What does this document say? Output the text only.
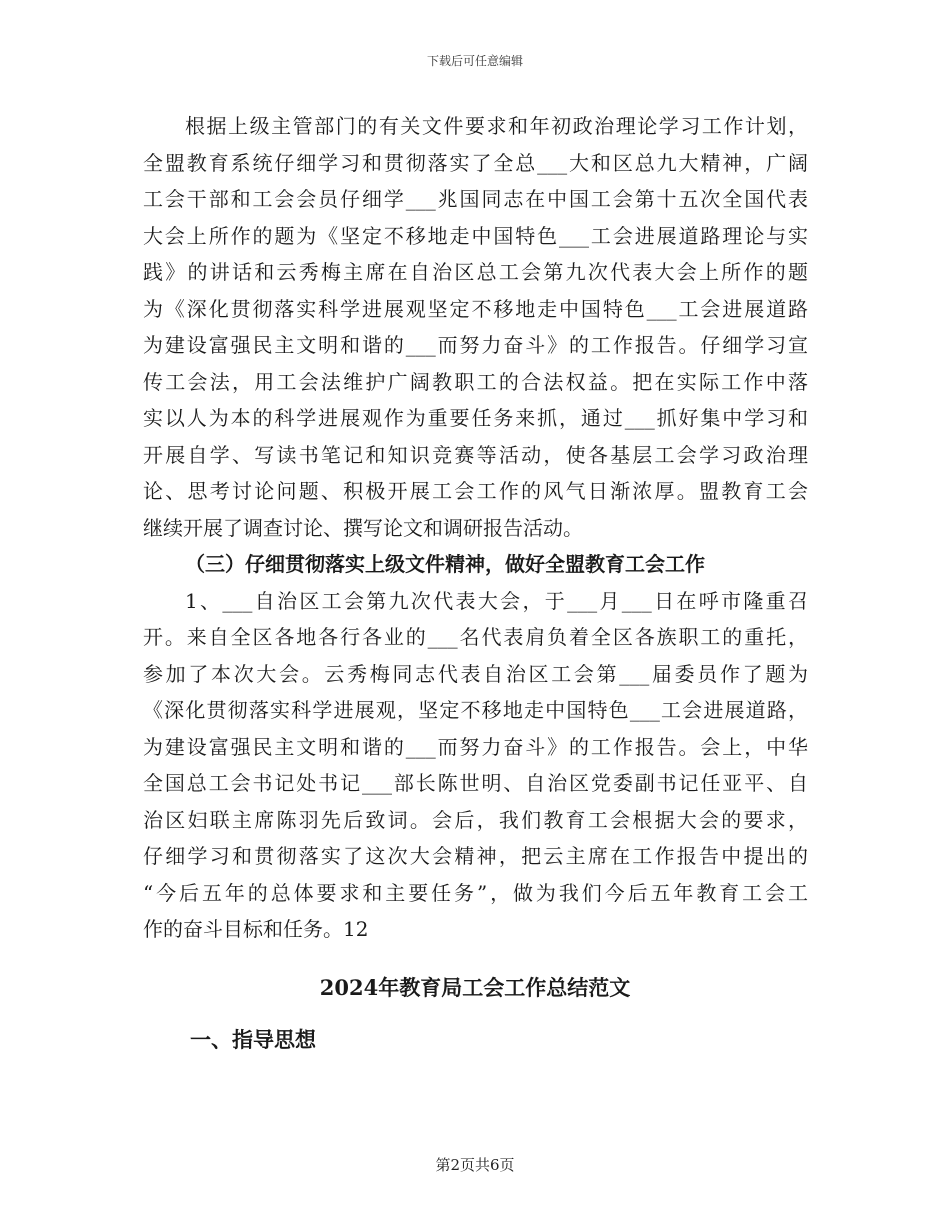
下载后可任意编辑
根据上级主管部门的有关文件要求和年初政治理论学习工作计划，
全盟教育系统仔细学习和贯彻落实了全总___大和区总九大精神，广阔
工会干部和工会会员仔细学___兆国同志在中国工会第十五次全国代表
大会上所作的题为《坚定不移地走中国特色___工会进展道路理论与实
践》的讲话和云秀梅主席在自治区总工会第九次代表大会上所作的题
为《深化贯彻落实科学进展观坚定不移地走中国特色___工会进展道路
为建设富强民主文明和谐的___而努力奋斗》的工作报告。仔细学习宣
传工会法，用工会法维护广阔教职工的合法权益。把在实际工作中落
实以人为本的科学进展观作为重要任务来抓，通过___抓好集中学习和
开展自学、写读书笔记和知识竞赛等活动，使各基层工会学习政治理
论、思考讨论问题、积极开展工会工作的风气日渐浓厚。盟教育工会
继续开展了调查讨论、撰写论文和调研报告活动。
（三）仔细贯彻落实上级文件精神，做好全盟教育工会工作
1、___自治区工会第九次代表大会，于___月___日在呼市隆重召
开。来自全区各地各行各业的___名代表肩负着全区各族职工的重托，
参加了本次大会。云秀梅同志代表自治区工会第___届委员作了题为
《深化贯彻落实科学进展观，坚定不移地走中国特色___工会进展道路，
为建设富强民主文明和谐的___而努力奋斗》的工作报告。会上，中华
全国总工会书记处书记___部长陈世明、自治区党委副书记任亚平、自
治区妇联主席陈羽先后致词。会后，我们教育工会根据大会的要求，
仔细学习和贯彻落实了这次大会精神，把云主席在工作报告中提出的
“今后五年的总体要求和主要任务”，做为我们今后五年教育工会工
作的奋斗目标和任务。12
2024年教育局工会工作总结范文
一、指导思想
第2页共6页
